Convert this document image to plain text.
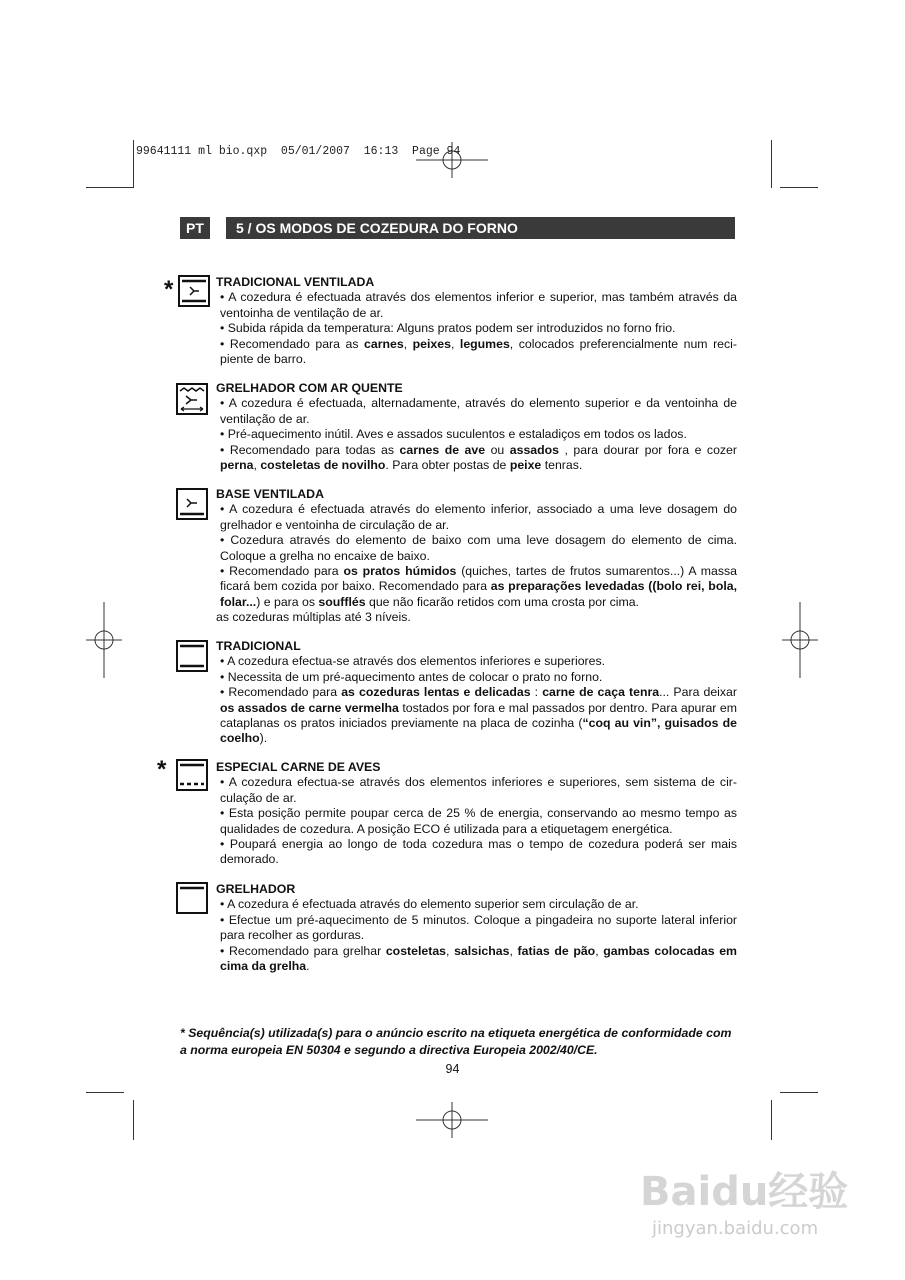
99641111 ml bio.qxp  05/01/2007  16:13  Page 94
PT	5 / OS MODOS DE COZEDURA DO FORNO
*
*

TRADICIONAL VENTILADA

• A cozedura é efectuada através dos elementos inferior e superior, mas também através da ventoinha de ventilação de ar.

• Subida rápida da temperatura: Alguns pratos podem ser introduzidos no forno frio.

• Recomendado para as carnes, peixes, legumes, colocados preferencialmente num reci-piente de barro.

GRELHADOR COM AR QUENTE

• A cozedura é efectuada, alternadamente, através do elemento superior e da ventoinha de ventilação de ar.

• Pré-aquecimento inútil. Aves e assados suculentos e estaladiços em todos os lados.

• Recomendado para todas as carnes de ave ou assados , para dourar por fora e cozer perna, costeletas de novilho. Para obter postas de peixe tenras.

BASE VENTILADA

• A cozedura é efectuada através do elemento inferior, associado a uma leve dosagem do grelhador e ventoinha de circulação de ar.

• Cozedura através do elemento de baixo com uma leve dosagem do elemento de cima. Coloque a grelha no encaixe de baixo.

• Recomendado para os pratos húmidos (quiches, tartes de frutos sumarentos...) A massa ficará bem cozida por baixo. Recomendado para as preparações levedadas ((bolo rei, bola, folar...) e para os soufflés que não ficarão retidos com uma crosta por cima.

as cozeduras múltiplas até 3 níveis.

TRADICIONAL

• A cozedura efectua-se através dos elementos inferiores e superiores.

• Necessita de um pré-aquecimento antes de colocar o prato no forno.

• Recomendado para as cozeduras lentas e delicadas : carne de caça tenra... Para deixar os assados de carne vermelha tostados por fora e mal passados por dentro. Para apurar em cataplanas os pratos iniciados previamente na placa de cozinha (“coq au vin”, guisados de coelho).

ESPECIAL CARNE DE AVES

• A cozedura efectua-se através dos elementos inferiores e superiores, sem sistema de cir-culação de ar.

• Esta posição permite poupar cerca de 25 % de energia, conservando ao mesmo tempo as qualidades de cozedura. A posição ECO é utilizada para a etiquetagem energética.

• Poupará energia ao longo de toda cozedura mas o tempo de cozedura poderá ser mais demorado.

GRELHADOR

• A cozedura é efectuada através do elemento superior sem circulação de ar.

• Efectue um pré-aquecimento de 5 minutos. Coloque a pingadeira no suporte lateral inferior para recolher as gorduras.

• Recomendado para grelhar costeletas, salsichas, fatias de pão, gambas colocadas em cima da grelha.

* Sequência(s) utilizada(s) para o anúncio escrito na etiqueta energética de conformidade com a norma europeia EN 50304 e segundo a directiva Europeia 2002/40/CE.
94
Baidu经验
jingyan.baidu.com
